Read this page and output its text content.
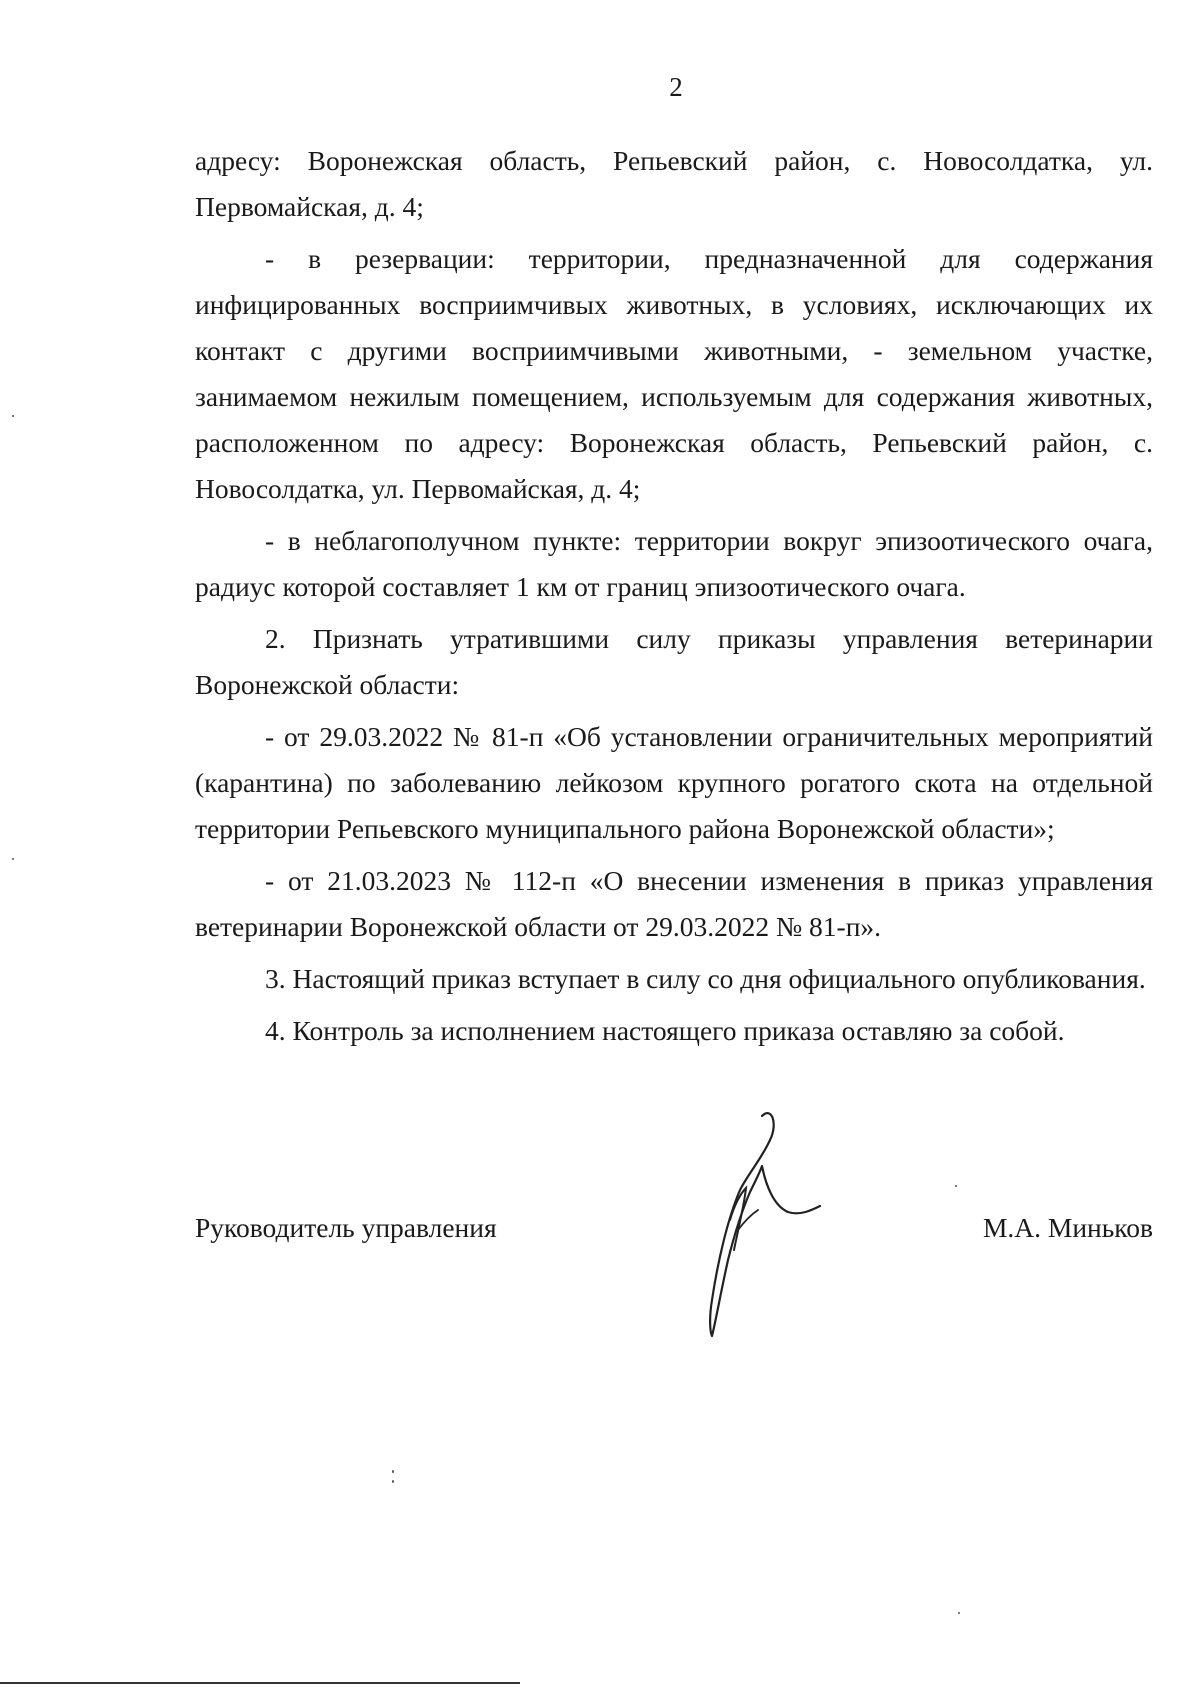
2

адресу: Воронежская область, Репьевский район, с. Новосолдатка, ул. Первомайская, д. 4;

- в резервации: территории, предназначенной для содержания инфицированных восприимчивых животных, в условиях, исключающих их контакт с другими восприимчивыми животными, - земельном участке, занимаемом нежилым помещением, используемым для содержания животных, расположенном по адресу: Воронежская область, Репьевский район, с. Новосолдатка, ул. Первомайская, д. 4;

- в неблагополучном пункте: территории вокруг эпизоотического очага, радиус которой составляет 1 км от границ эпизоотического очага.

2. Признать утратившими силу приказы управления ветеринарии Воронежской области:

- от 29.03.2022 № 81-п «Об установлении ограничительных мероприятий (карантина) по заболеванию лейкозом крупного рогатого скота на отдельной территории Репьевского муниципального района Воронежской области»;

- от 21.03.2023 № 112-п «О внесении изменения в приказ управления ветеринарии Воронежской области от 29.03.2022 № 81-п».

3. Настоящий приказ вступает в силу со дня официального опубликования.

4. Контроль за исполнением настоящего приказа оставляю за собой.

Руководитель управления	М.А. Миньков
